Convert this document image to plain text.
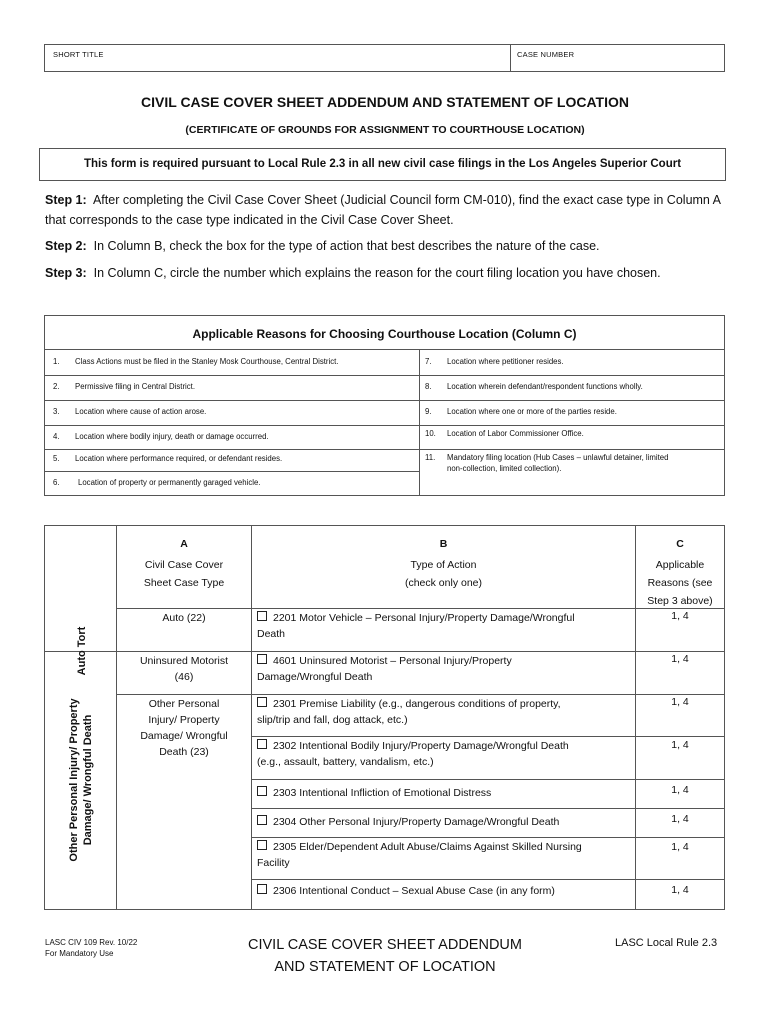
SHORT TITLE	CASE NUMBER
CIVIL CASE COVER SHEET ADDENDUM AND STATEMENT OF LOCATION
(CERTIFICATE OF GROUNDS FOR ASSIGNMENT TO COURTHOUSE LOCATION)
This form is required pursuant to Local Rule 2.3 in all new civil case filings in the Los Angeles Superior Court
Step 1: After completing the Civil Case Cover Sheet (Judicial Council form CM-010), find the exact case type in Column A that corresponds to the case type indicated in the Civil Case Cover Sheet.
Step 2: In Column B, check the box for the type of action that best describes the nature of the case.
Step 3: In Column C, circle the number which explains the reason for the court filing location you have chosen.
Applicable Reasons for Choosing Courthouse Location (Column C)
1. Class Actions must be filed in the Stanley Mosk Courthouse, Central District.
2. Permissive filing in Central District.
3. Location where cause of action arose.
4. Location where bodily injury, death or damage occurred.
5. Location where performance required, or defendant resides.
6. Location of property or permanently garaged vehicle.
7. Location where petitioner resides.
8. Location wherein defendant/respondent functions wholly.
9. Location where one or more of the parties reside.
10. Location of Labor Commissioner Office.
11. Mandatory filing location (Hub Cases – unlawful detainer, limited
non-collection, limited collection).
A
Civil Case Cover
Sheet Case Type
B
Type of Action
(check only one)
C
Applicable
Reasons (see
Step 3 above)
Auto Tort
Other Personal Injury/ Property Damage/ Wrongful Death
Auto (22)
Uninsured Motorist
(46)
Other Personal
Injury/ Property
Damage/ Wrongful
Death (23)
2201 Motor Vehicle – Personal Injury/Property Damage/Wrongful
Death
4601 Uninsured Motorist – Personal Injury/Property
Damage/Wrongful Death
2301 Premise Liability (e.g., dangerous conditions of property,
slip/trip and fall, dog attack, etc.)
2302 Intentional Bodily Injury/Property Damage/Wrongful Death
(e.g., assault, battery, vandalism, etc.)
2303 Intentional Infliction of Emotional Distress
2304 Other Personal Injury/Property Damage/Wrongful Death
2305 Elder/Dependent Adult Abuse/Claims Against Skilled Nursing
Facility
2306 Intentional Conduct – Sexual Abuse Case (in any form)
1, 4
1, 4
1, 4
1, 4
1, 4
1, 4
1, 4
1, 4
LASC CIV 109 Rev. 10/22
For Mandatory Use
CIVIL CASE COVER SHEET ADDENDUM
AND STATEMENT OF LOCATION
LASC Local Rule 2.3
